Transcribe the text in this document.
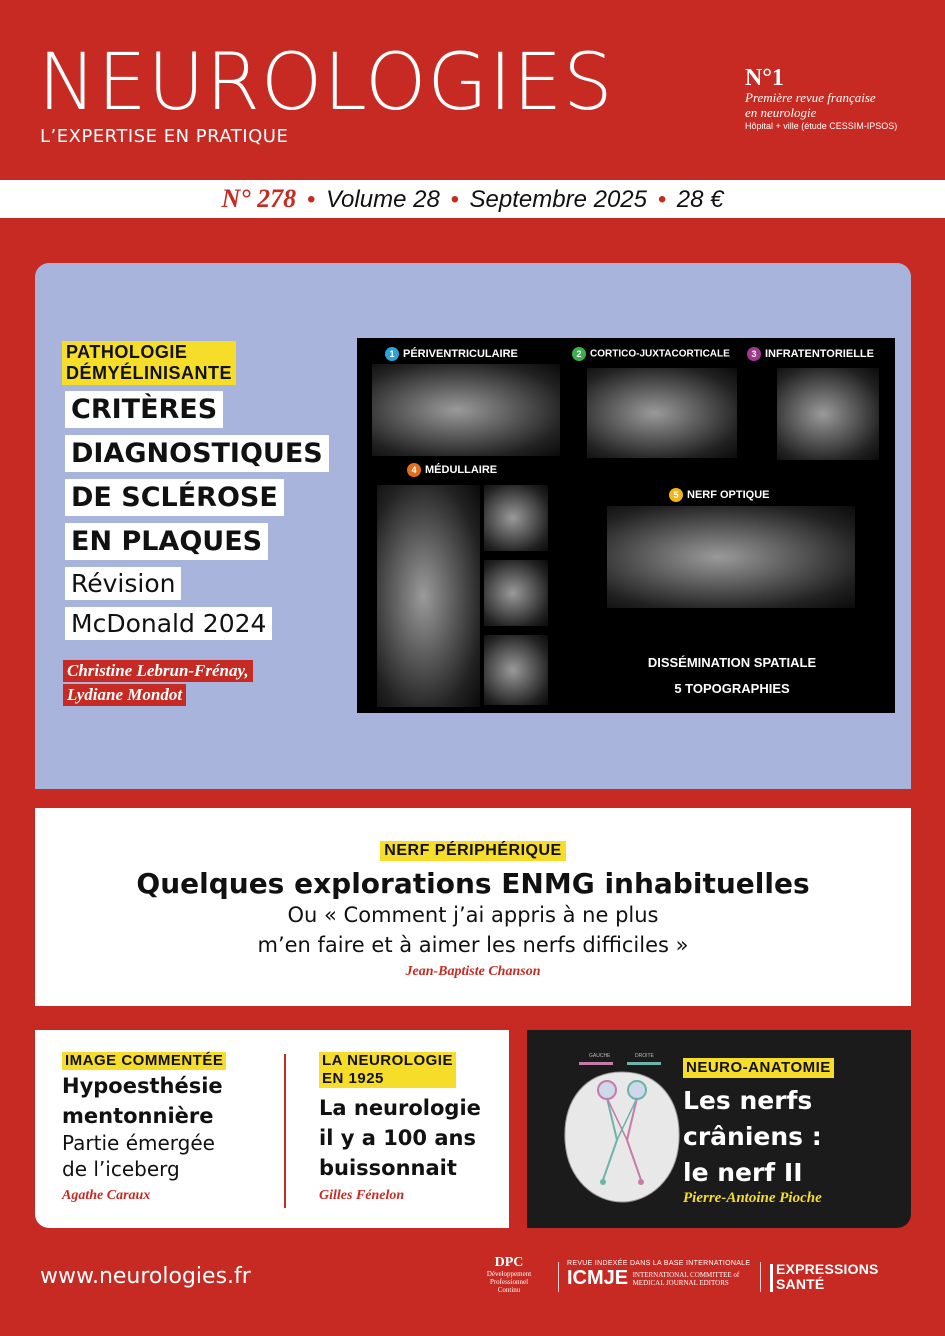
NEUROLOGIES
L’EXPERTISE EN PRATIQUE
N°1
Première revue française
en neurologie
Hôpital + ville (étude CESSIM-IPSOS)
N° 278 • Volume 28 • Septembre 2025 • 28 €
PATHOLOGIE
DÉMYÉLINISANTE
CRITÈRES
DIAGNOSTIQUES
DE SCLÉROSE
EN PLAQUES
Révision
McDonald 2024
Christine Lebrun-Frénay,
Lydiane Mondot
1 PÉRIVENTRICULAIRE	2 CORTICO-JUXTACORTICALE	3 INFRATENTORIELLE
4 MÉDULLAIRE
5 NERF OPTIQUE
DISSÉMINATION SPATIALE
5 TOPOGRAPHIES
NERF PÉRIPHÉRIQUE
Quelques explorations ENMG inhabituelles
Ou « Comment j’ai appris à ne plus
m’en faire et à aimer les nerfs difficiles »
Jean-Baptiste Chanson
IMAGE COMMENTÉE
Hypoesthésie
mentonnière

Partie émergée

de l’iceberg

Agathe Caraux
LA NEUROLOGIE
EN 1925
La neurologie
il y a 100 ans
buissonnait
Gilles Fénelon
GAUCHE	DROITE
NEURO-ANATOMIE
Les nerfs
crâniens :
le nerf II
Pierre-Antoine Pioche
www.neurologies.fr
DPC
Développement
Professionnel
Continu
REVUE INDEXÉE DANS LA BASE INTERNATIONALE
ICMJE INTERNATIONAL COMMITTEE of MEDICAL JOURNAL EDITORS
EXPRESSIONS
SANTÉ
